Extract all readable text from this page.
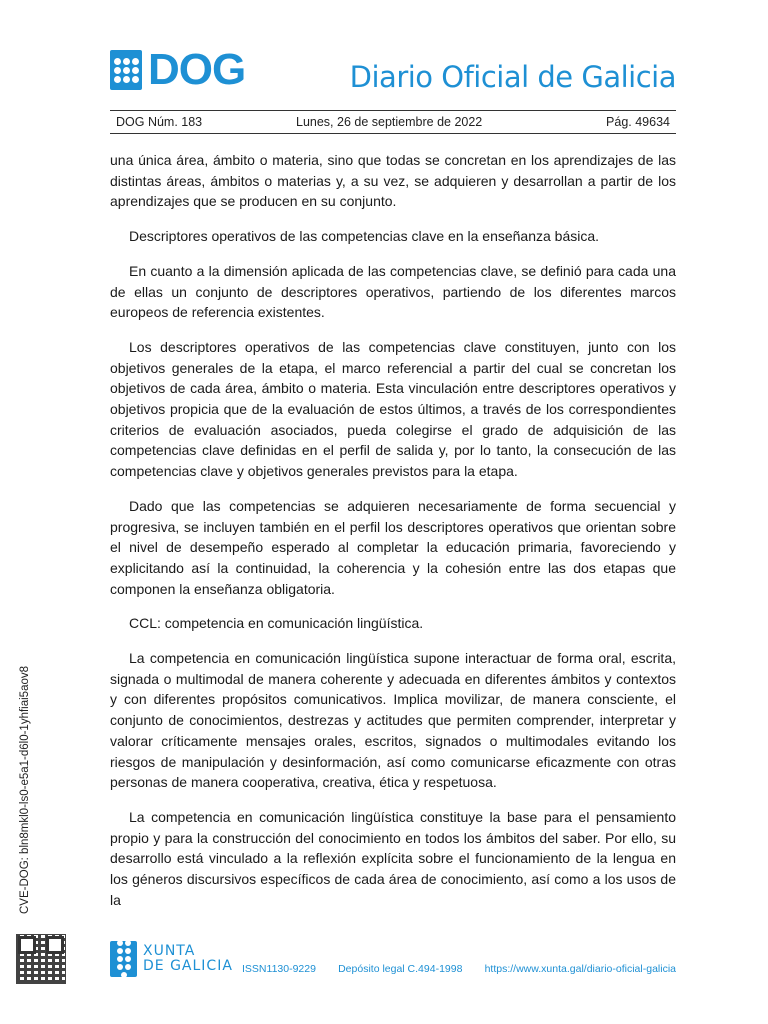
DOG	Diario Oficial de Galicia
DOG Núm. 183	Lunes, 26 de septiembre de 2022	Pág. 49634

una única área, ámbito o materia, sino que todas se concretan en los aprendizajes de las distintas áreas, ámbitos o materias y, a su vez, se adquieren y desarrollan a partir de los aprendizajes que se producen en su conjunto.

Descriptores operativos de las competencias clave en la enseñanza básica.

En cuanto a la dimensión aplicada de las competencias clave, se definió para cada una de ellas un conjunto de descriptores operativos, partiendo de los diferentes marcos europeos de referencia existentes.

Los descriptores operativos de las competencias clave constituyen, junto con los objetivos generales de la etapa, el marco referencial a partir del cual se concretan los objetivos de cada área, ámbito o materia. Esta vinculación entre descriptores operativos y objetivos propicia que de la evaluación de estos últimos, a través de los correspondientes criterios de evaluación asociados, pueda colegirse el grado de adquisición de las competencias clave definidas en el perfil de salida y, por lo tanto, la consecución de las competencias clave y objetivos generales previstos para la etapa.

Dado que las competencias se adquieren necesariamente de forma secuencial y progresiva, se incluyen también en el perfil los descriptores operativos que orientan sobre el nivel de desempeño esperado al completar la educación primaria, favoreciendo y explicitando así la continuidad, la coherencia y la cohesión entre las dos etapas que componen la enseñanza obligatoria.

CCL: competencia en comunicación lingüística.

La competencia en comunicación lingüística supone interactuar de forma oral, escrita, signada o multimodal de manera coherente y adecuada en diferentes ámbitos y contextos y con diferentes propósitos comunicativos. Implica movilizar, de manera consciente, el conjunto de conocimientos, destrezas y actitudes que permiten comprender, interpretar y valorar críticamente mensajes orales, escritos, signados o multimodales evitando los riesgos de manipulación y desinformación, así como comunicarse eficazmente con otras personas de manera cooperativa, creativa, ética y respetuosa.

La competencia en comunicación lingüística constituye la base para el pensamiento propio y para la construcción del conocimiento en todos los ámbitos del saber. Por ello, su desarrollo está vinculado a la reflexión explícita sobre el funcionamiento de la lengua en los géneros discursivos específicos de cada área de conocimiento, así como a los usos de la

CVE-DOG: bln8mkl0-ls0-e5a1-d6l0-1yhfiai5aov8
XUNTA
DE GALICIA ISSN1130-9229 Depósito legal C.494-1998 https://www.xunta.gal/diario-oficial-galicia
